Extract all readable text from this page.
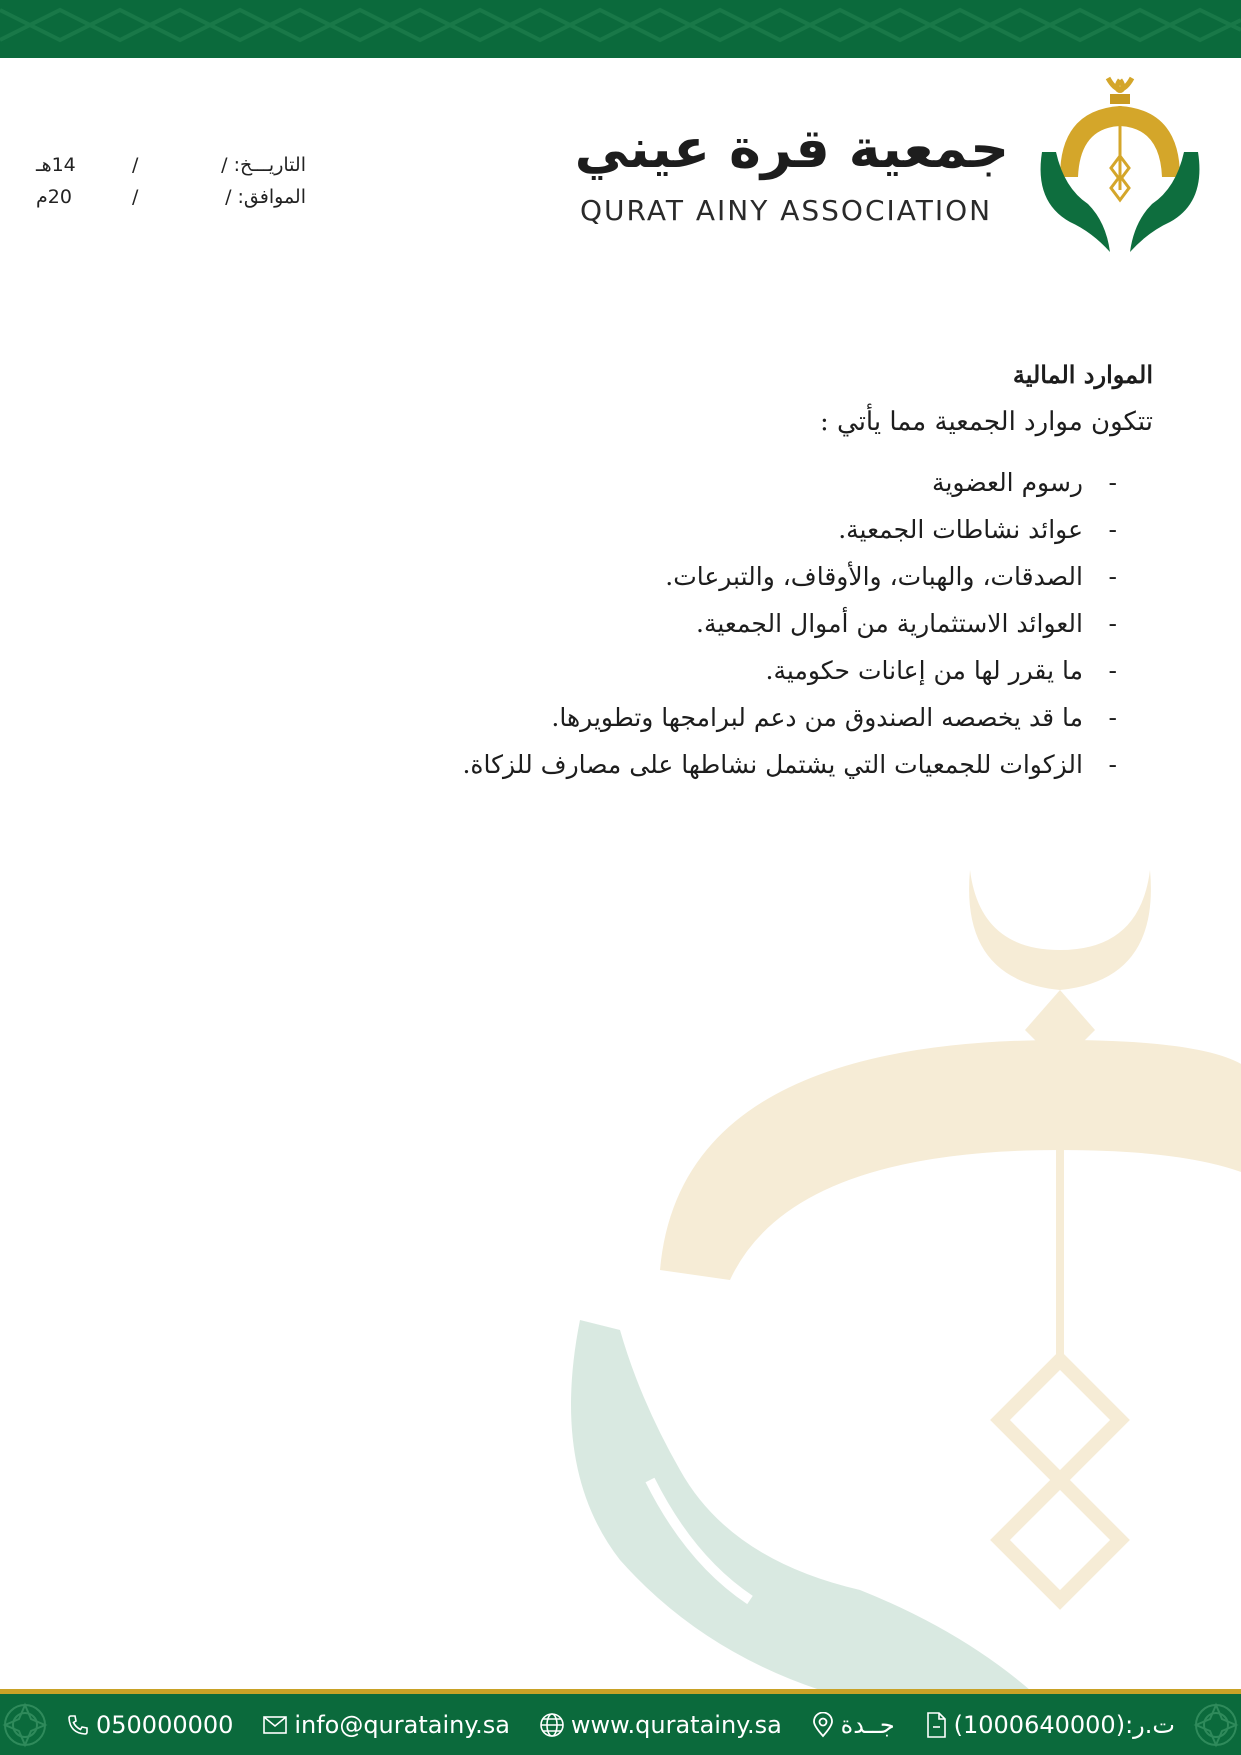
جمعية قرة عيني
QURAT AINY ASSOCIATION
التاريـــخ: /
/
14هـ
الموافق: /
/
20م
الموارد المالية
تتكون موارد الجمعية مما يأتي :
-
رسوم العضوية
-
عوائد نشاطات الجمعية.
-
الصدقات، والهبات، والأوقاف، والتبرعات.
-
العوائد الاستثمارية من أموال الجمعية.
-
ما يقرر لها من إعانات حكومية.
-
ما قد يخصصه الصندوق من دعم لبرامجها وتطويرها.
-
الزكوات للجمعيات التي يشتمل نشاطها على مصارف للزكاة.
050000000	info@quratainy.sa	www.quratainy.sa جــدة ت.ر:(1000640000)
